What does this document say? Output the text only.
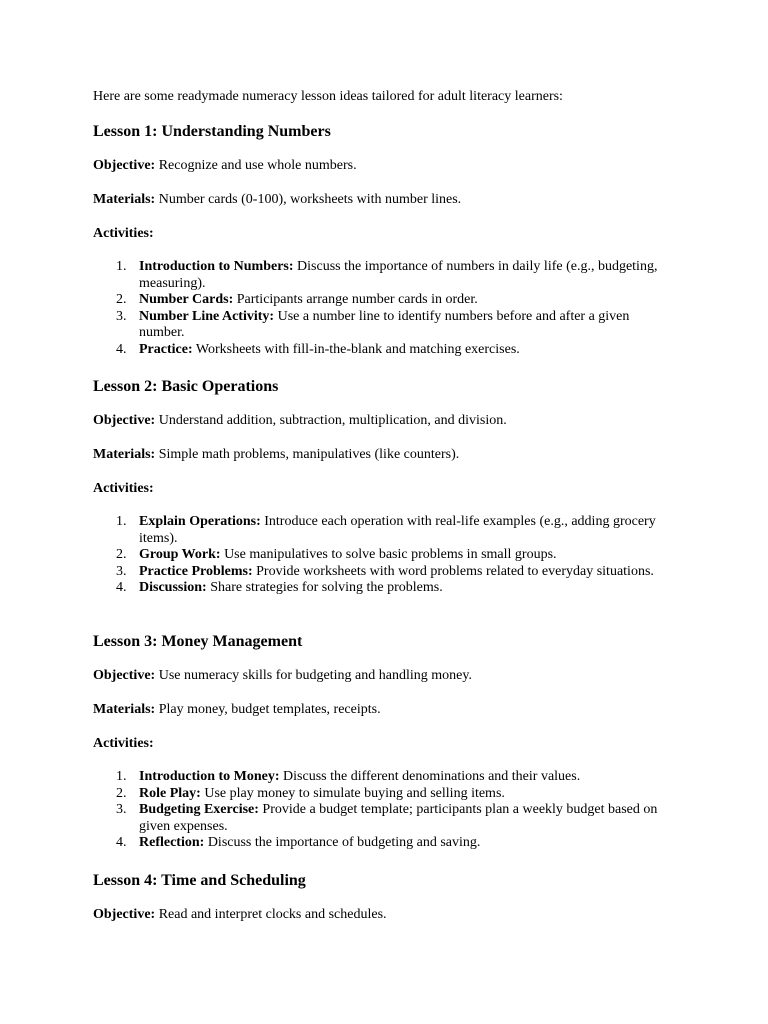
Here are some readymade numeracy lesson ideas tailored for adult literacy learners:
Lesson 1: Understanding Numbers
Objective: Recognize and use whole numbers.
Materials: Number cards (0-100), worksheets with number lines.
Activities:
1. Introduction to Numbers: Discuss the importance of numbers in daily life (e.g., budgeting, measuring).
2. Number Cards: Participants arrange number cards in order.
3. Number Line Activity: Use a number line to identify numbers before and after a given number.
4. Practice: Worksheets with fill-in-the-blank and matching exercises.
Lesson 2: Basic Operations
Objective: Understand addition, subtraction, multiplication, and division.
Materials: Simple math problems, manipulatives (like counters).
Activities:
1. Explain Operations: Introduce each operation with real-life examples (e.g., adding grocery items).
2. Group Work: Use manipulatives to solve basic problems in small groups.
3. Practice Problems: Provide worksheets with word problems related to everyday situations.
4. Discussion: Share strategies for solving the problems.
Lesson 3: Money Management
Objective: Use numeracy skills for budgeting and handling money.
Materials: Play money, budget templates, receipts.
Activities:
1. Introduction to Money: Discuss the different denominations and their values.
2. Role Play: Use play money to simulate buying and selling items.
3. Budgeting Exercise: Provide a budget template; participants plan a weekly budget based on given expenses.
4. Reflection: Discuss the importance of budgeting and saving.
Lesson 4: Time and Scheduling
Objective: Read and interpret clocks and schedules.
